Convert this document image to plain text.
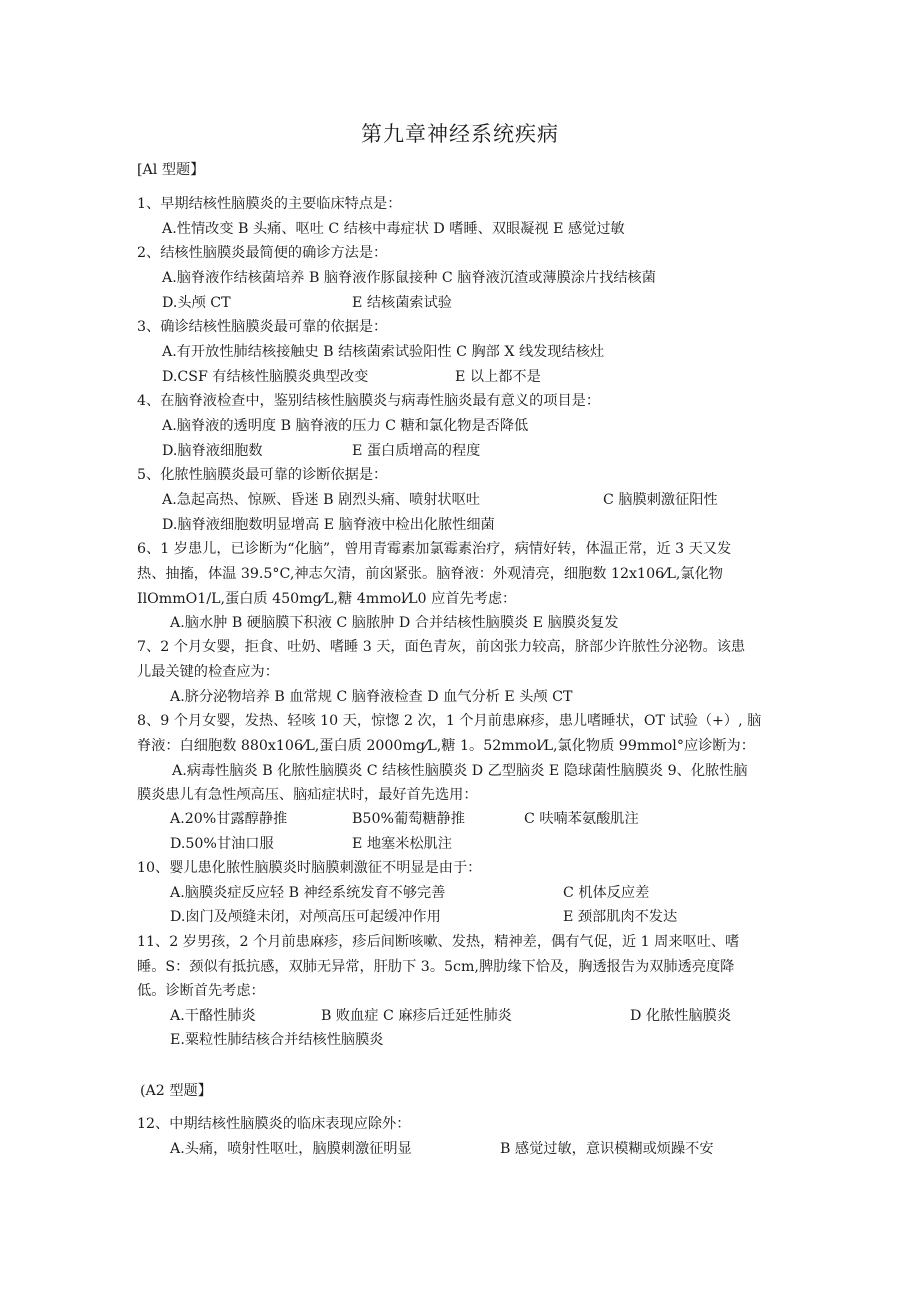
第九章神经系统疾病
[Al 型题】
1、早期结核性脑膜炎的主要临床特点是：
A.性情改变 B 头痛、呕吐 C 结核中毒症状 D 嗜睡、双眼凝视 E 感觉过敏
2、结核性脑膜炎最简便的确诊方法是：
A.脑脊液作结核菌培养 B 脑脊液作豚鼠接种 C 脑脊液沉渣或薄膜涂片找结核菌
D.头颅 CT	E 结核菌索试验
3、确诊结核性脑膜炎最可靠的依据是：
A.有开放性肺结核接触史 B 结核菌索试验阳性 C 胸部 X 线发现结核灶
D.CSF 有结核性脑膜炎典型改变	E 以上都不是
4、在脑脊液检查中，鉴别结核性脑膜炎与病毒性脑炎最有意义的项目是：
A.脑脊液的透明度 B 脑脊液的压力 C 糖和氯化物是否降低
D.脑脊液细胞数	E 蛋白质增高的程度
5、化脓性脑膜炎最可靠的诊断依据是：
A.急起高热、惊厥、昏迷 B 剧烈头痛、喷射状呕吐	C 脑膜刺激征阳性
D.脑脊液细胞数明显增高 E 脑脊液中检出化脓性细菌
6、1 岁患儿，已诊断为“化脑”，曾用青霉素加氯霉素治疗，病情好转，体温正常，近 3 天又发
热、抽搐，体温 39.5°C,神志欠清，前囟紧张。脑脊液：外观清亮，细胞数 12x106⁄L,氯化物
IlOmmO1/L,蛋白质 450mg⁄L,糖 4mmol⁄L0 应首先考虑：
A.脑水肿 B 硬脑膜下积液 C 脑脓肿 D 合并结核性脑膜炎 E 脑膜炎复发
7、2 个月女婴，拒食、吐奶、嗜睡 3 天，面色青灰，前囟张力较高，脐部少许脓性分泌物。该患
儿最关键的检查应为：
A.脐分泌物培养 B 血常规 C 脑脊液检查 D 血气分析 E 头颅 CT
8、9 个月女婴，发热、轻咳 10 天，惊愡 2 次，1 个月前患麻疹，患儿嗜睡状，OT 试验（+）, 脑
脊液：白细胞数 880x106⁄L,蛋白质 2000mg⁄L,糖 1。52mmol⁄L,氯化物质 99mmol°应诊断为：
A.病毒性脑炎 B 化脓性脑膜炎 C 结核性脑膜炎 D 乙型脑炎 E 隐球菌性脑膜炎 9、化脓性脑
膜炎患儿有急性颅高压、脑疝症状时，最好首先选用：
A.20%甘露醇静推	B50%葡萄糖静推	C 呋喃苯氨酸肌注
D.50%甘油口服	E 地塞米松肌注
10、婴儿患化脓性脑膜炎时脑膜刺激征不明显是由于：
A.脑膜炎症反应轻 B 神经系统发育不够完善	C 机体反应差
D.囱门及颅缝未闭，对颅高压可起缓冲作用	E 颈部肌肉不发达
11、2 岁男孩，2 个月前患麻疹，疹后间断咳嗽、发热，精神差，偶有气促，近 1 周来呕吐、嗜
睡。S：颈似有抵抗感，双肺无异常，肝肋下 3。5cm,脾肋缘下恰及，胸透报告为双肺透亮度降
低。诊断首先考虑：
A.干酪性肺炎	B 败血症 C 麻疹后迁延性肺炎	D 化脓性脑膜炎
E.粟粒性肺结核合并结核性脑膜炎
(A2 型题】
12、中期结核性脑膜炎的临床表现应除外：
A.头痛，喷射性呕吐，脑膜刺激征明显	B 感觉过敏，意识模糊或烦躁不安
